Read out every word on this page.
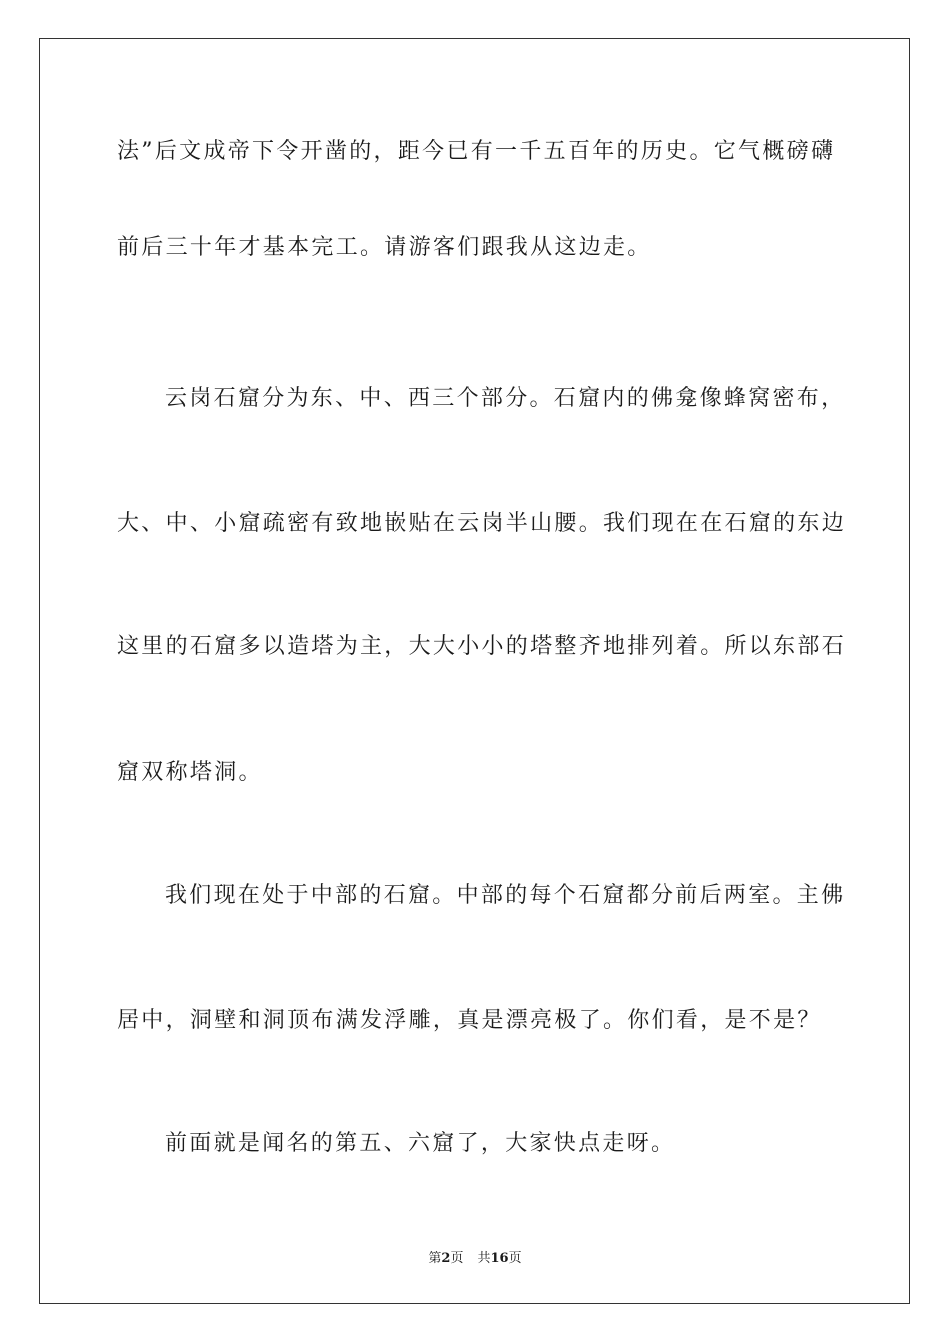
法”后文成帝下令开凿的，距今已有一千五百年的历史。它气概磅礴
前后三十年才基本完工。请游客们跟我从这边走。
云岗石窟分为东、中、西三个部分。石窟内的佛龛像蜂窝密布，
大、中、小窟疏密有致地嵌贴在云岗半山腰。我们现在在石窟的东边
这里的石窟多以造塔为主，大大小小的塔整齐地排列着。所以东部石
窟双称塔洞。
我们现在处于中部的石窟。中部的每个石窟都分前后两室。主佛
居中，洞壁和洞顶布满发浮雕，真是漂亮极了。你们看，是不是？
前面就是闻名的第五、六窟了，大家快点走呀。
第2页 共16页
